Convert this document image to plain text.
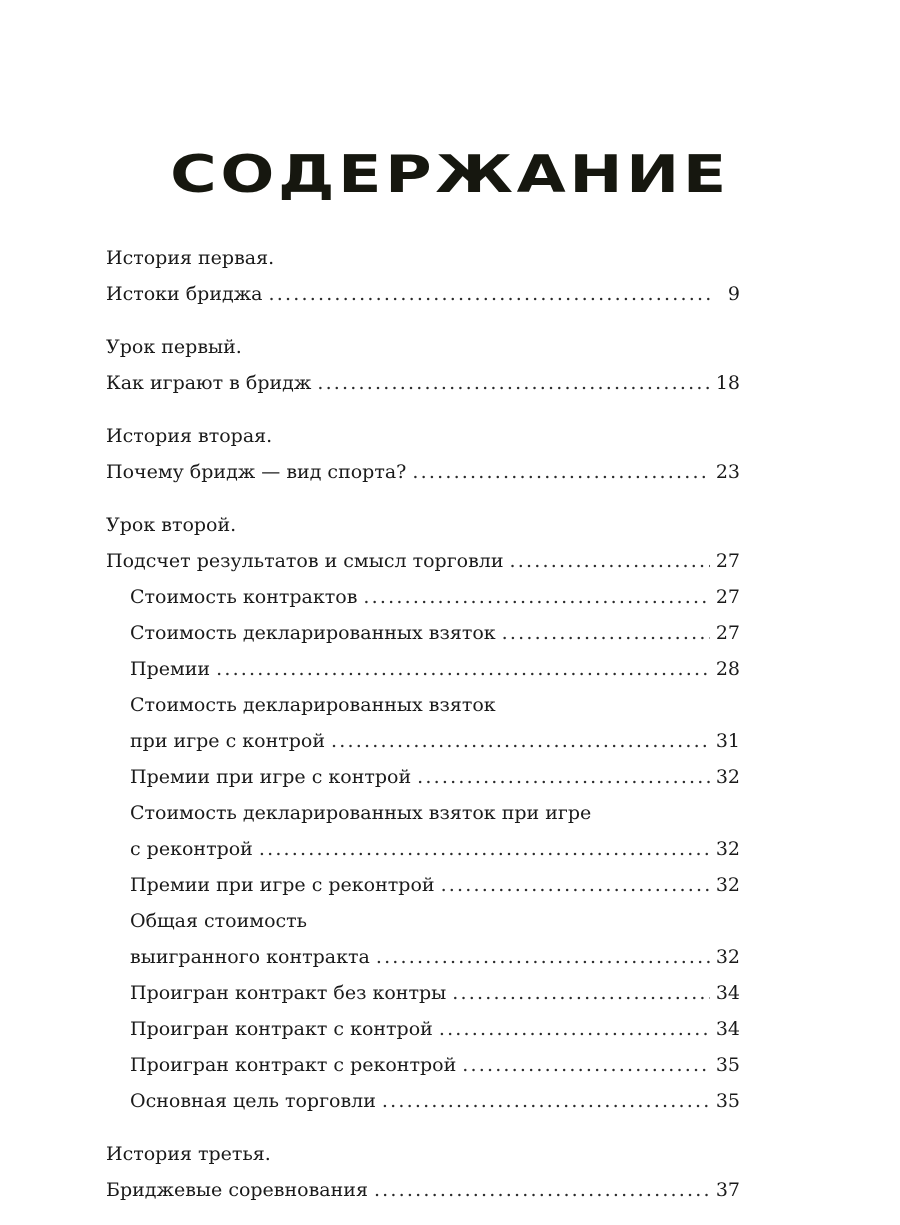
СОДЕРЖАНИЕ
История первая.
Истоки бриджа .....	9
Урок первый.
Как играют в бридж .....	18
История вторая.
Почему бридж — вид спорта? .....	23
Урок второй.
Подсчет результатов и смысл торговли .....	27
Стоимость контрактов .....	27
Стоимость декларированных взяток .....	27
Премии .....	28
Стоимость декларированных взяток
при игре с контрой .....	31
Премии при игре с контрой .....	32
Стоимость декларированных взяток при игре
с реконтрой .....	32
Премии при игре с реконтрой .....	32
Общая стоимость
выигранного контракта .....	32
Проигран контракт без контры .....	34
Проигран контракт с контрой .....	34
Проигран контракт с реконтрой .....	35
Основная цель торговли .....	35
История третья.
Бриджевые соревнования .....	37
